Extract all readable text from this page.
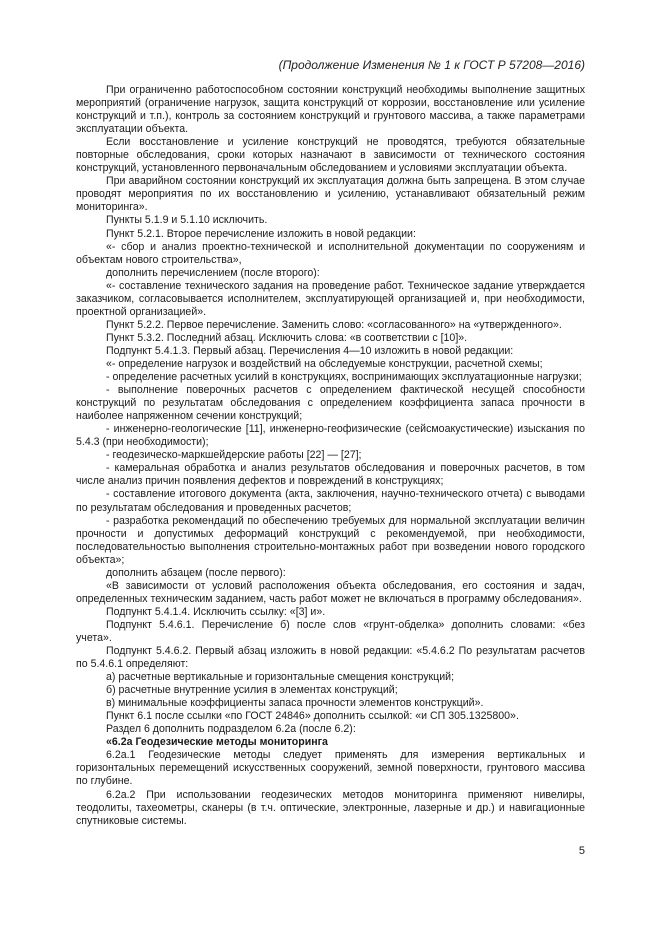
(Продолжение Изменения № 1 к ГОСТ Р 57208—2016)

При ограниченно работоспособном состоянии конструкций необходимы выполнение защитных мероприятий (ограничение нагрузок, защита конструкций от коррозии, восстановление или усиление конструкций и т.п.), контроль за состоянием конструкций и грунтового массива, а также параметрами эксплуатации объекта.

Если восстановление и усиление конструкций не проводятся, требуются обязательные повторные обследования, сроки которых назначают в зависимости от технического состояния конструкций, установленного первоначальным обследованием и условиями эксплуатации объекта.

При аварийном состоянии конструкций их эксплуатация должна быть запрещена. В этом случае проводят мероприятия по их восстановлению и усилению, устанавливают обязательный режим мониторинга».

Пункты 5.1.9 и 5.1.10 исключить.

Пункт 5.2.1. Второе перечисление изложить в новой редакции:

«- сбор и анализ проектно-технической и исполнительной документации по сооружениям и объектам нового строительства»,

дополнить перечислением (после второго):

«- составление технического задания на проведение работ. Техническое задание утверждается заказчиком, согласовывается исполнителем, эксплуатирующей организацией и, при необходимости, проектной организацией».

Пункт 5.2.2. Первое перечисление. Заменить слово: «согласованного» на «утвержденного».

Пункт 5.3.2. Последний абзац. Исключить слова: «в соответствии с [10]».

Подпункт 5.4.1.3. Первый абзац. Перечисления 4—10 изложить в новой редакции:

«- определение нагрузок и воздействий на обследуемые конструкции, расчетной схемы;

- определение расчетных усилий в конструкциях, воспринимающих эксплуатационные нагрузки;

- выполнение поверочных расчетов с определением фактической несущей способности конструкций по результатам обследования с определением коэффициента запаса прочности в наиболее напряженном сечении конструкций;

- инженерно-геологические [11], инженерно-геофизические (сейсмоакустические) изыскания по 5.4.3 (при необходимости);

- геодезическо-маркшейдерские работы [22] — [27];

- камеральная обработка и анализ результатов обследования и поверочных расчетов, в том числе анализ причин появления дефектов и повреждений в конструкциях;

- составление итогового документа (акта, заключения, научно-технического отчета) с выводами по результатам обследования и проведенных расчетов;

- разработка рекомендаций по обеспечению требуемых для нормальной эксплуатации величин прочности и допустимых деформаций конструкций с рекомендуемой, при необходимости, последовательностью выполнения строительно-монтажных работ при возведении нового городского объекта»;

дополнить абзацем (после первого):

«В зависимости от условий расположения объекта обследования, его состояния и задач, определенных техническим заданием, часть работ может не включаться в программу обследования».

Подпункт 5.4.1.4. Исключить ссылку: «[3] и».

Подпункт 5.4.6.1. Перечисление б) после слов «грунт-обделка» дополнить словами: «без учета».

Подпункт 5.4.6.2. Первый абзац изложить в новой редакции: «5.4.6.2 По результатам расчетов по 5.4.6.1 определяют:

а) расчетные вертикальные и горизонтальные смещения конструкций;

б) расчетные внутренние усилия в элементах конструкций;

в) минимальные коэффициенты запаса прочности элементов конструкций».

Пункт 6.1 после ссылки «по ГОСТ 24846» дополнить ссылкой: «и СП 305.1325800».

Раздел 6 дополнить подразделом 6.2а (после 6.2):

«6.2а Геодезические методы мониторинга

6.2а.1 Геодезические методы следует применять для измерения вертикальных и горизонтальных перемещений искусственных сооружений, земной поверхности, грунтового массива по глубине.

6.2а.2 При использовании геодезических методов мониторинга применяют нивелиры, теодолиты, тахеометры, сканеры (в т.ч. оптические, электронные, лазерные и др.) и навигационные спутниковые системы.

5
